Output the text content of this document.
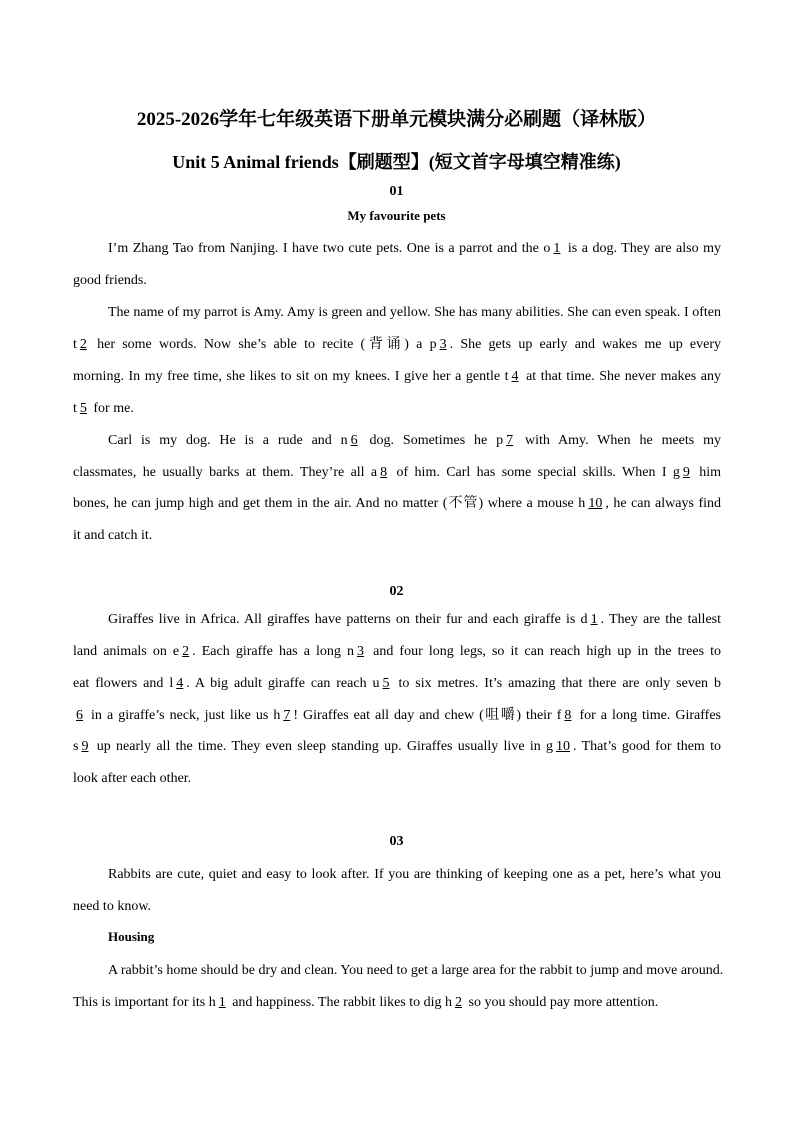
2025-2026学年七年级英语下册单元模块满分必刷题（译林版）
Unit 5 Animal friends【刷题型】(短文首字母填空精准练)
01
My favourite pets
I’m Zhang Tao from Nanjing. I have two cute pets. One is a parrot and the o1 is a dog. They are also my
good friends.
The name of my parrot is Amy. Amy is green and yellow. She has many abilities. She can even speak. I often
t2 her some words. Now she’s able to recite (背诵) a p3. She gets up early and wakes me up every
morning. In my free time, she likes to sit on my knees. I give her a gentle t4 at that time. She never makes any
t5 for me.
Carl is my dog. He is a rude and n6 dog. Sometimes he p7 with Amy. When he meets my
classmates, he usually barks at them. They’re all a8 of him. Carl has some special skills. When I g9 him
bones, he can jump high and get them in the air. And no matter (不管) where a mouse h10, he can always find
it and catch it.
02
Giraffes live in Africa. All giraffes have patterns on their fur and each giraffe is d1. They are the tallest
land animals on e2. Each giraffe has a long n3 and four long legs, so it can reach high up in the trees to
eat flowers and l4. A big adult giraffe can reach u5 to six metres. It’s amazing that there are only seven b
6 in a giraffe’s neck, just like us h7! Giraffes eat all day and chew (咀嚼) their f8 for a long time. Giraffes
s9 up nearly all the time. They even sleep standing up. Giraffes usually live in g10. That’s good for them to
look after each other.
03
Rabbits are cute, quiet and easy to look after. If you are thinking of keeping one as a pet, here’s what you
need to know.
Housing
A rabbit’s home should be dry and clean. You need to get a large area for the rabbit to jump and move around.
This is important for its h1 and happiness. The rabbit likes to dig h2 so you should pay more attention.
